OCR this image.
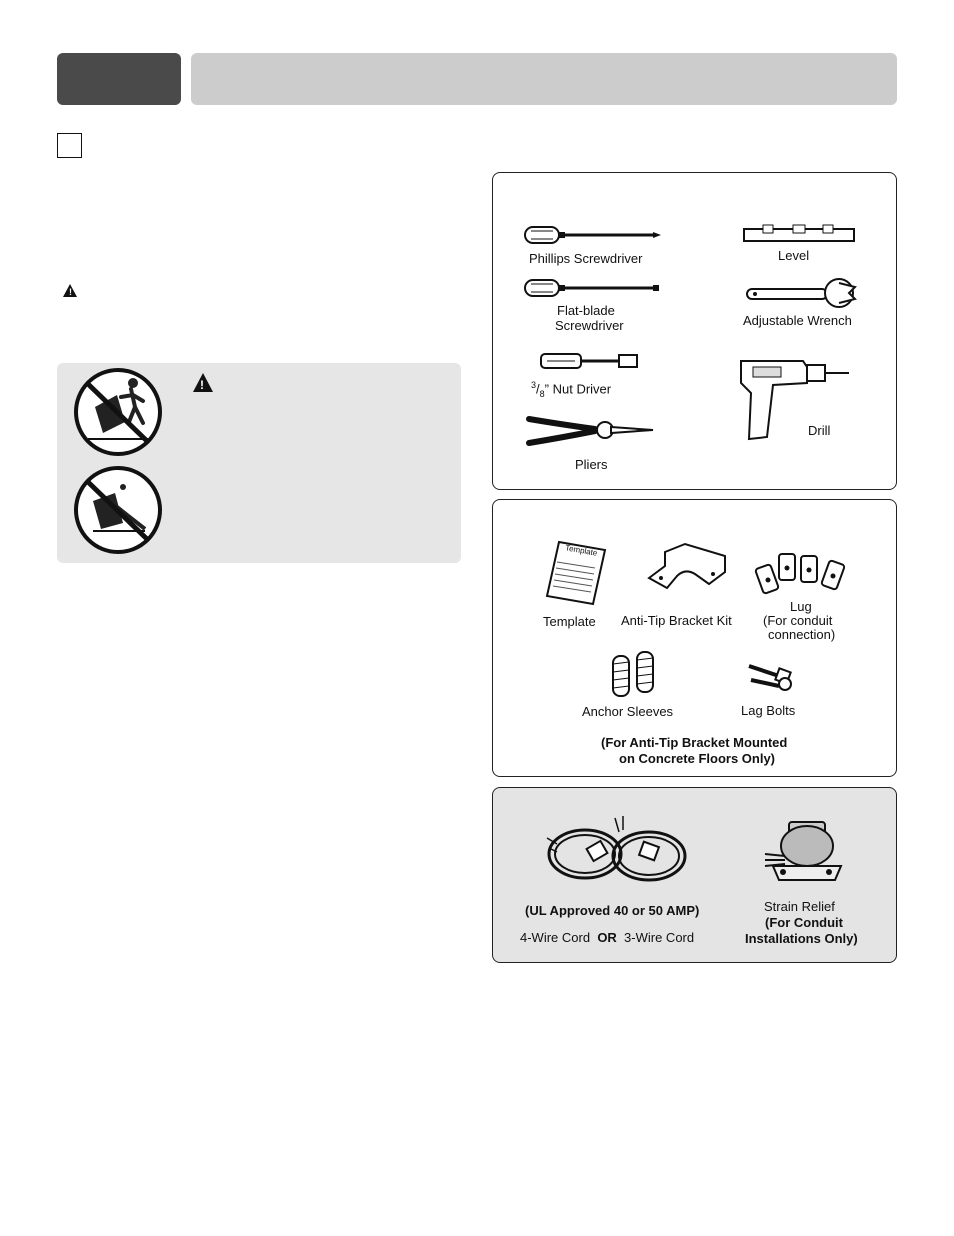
!
!
Phillips Screwdriver	Level
Flat-blade
Screwdriver	Adjustable Wrench
$^3/_8$” Nut Driver
Drill
Pliers
Template
Template Anti-Tip Bracket Kit
Lug
(For conduit
connection)
Anchor Sleeves	Lag Bolts
(For Anti-Tip Bracket Mounted
on Concrete Floors Only)
(UL Approved 40 or 50 AMP)
4-Wire Cord OR 3-Wire Cord
Strain Relief
(For Conduit
Installations Only)
